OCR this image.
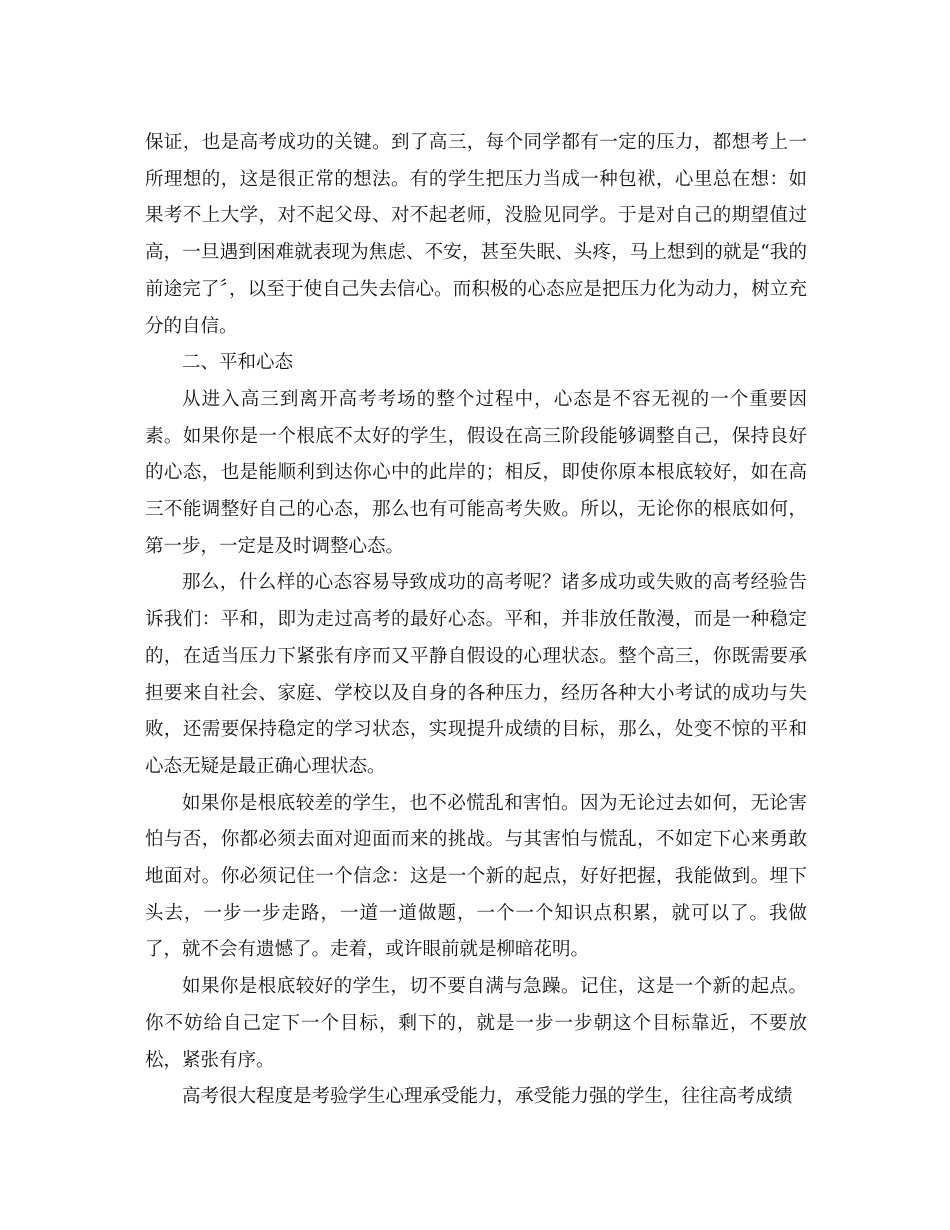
保证，也是高考成功的关键。到了高三，每个同学都有一定的压力，都想考上一所理想的，这是很正常的想法。有的学生把压力当成一种包袱，心里总在想：如果考不上大学，对不起父母、对不起老师，没脸见同学。于是对自己的期望值过高，一旦遇到困难就表现为焦虑、不安，甚至失眠、头疼，马上想到的就是“我的前途完了〞，以至于使自己失去信心。而积极的心态应是把压力化为动力，树立充分的自信。

二、平和心态

从进入高三到离开高考考场的整个过程中，心态是不容无视的一个重要因素。如果你是一个根底不太好的学生，假设在高三阶段能够调整自己，保持良好的心态，也是能顺利到达你心中的此岸的；相反，即使你原本根底较好，如在高三不能调整好自己的心态，那么也有可能高考失败。所以，无论你的根底如何，第一步，一定是及时调整心态。

那么，什么样的心态容易导致成功的高考呢？诸多成功或失败的高考经验告诉我们：平和，即为走过高考的最好心态。平和，并非放任散漫，而是一种稳定的，在适当压力下紧张有序而又平静自假设的心理状态。整个高三，你既需要承担要来自社会、家庭、学校以及自身的各种压力，经历各种大小考试的成功与失败，还需要保持稳定的学习状态，实现提升成绩的目标，那么，处变不惊的平和心态无疑是最正确心理状态。

如果你是根底较差的学生，也不必慌乱和害怕。因为无论过去如何，无论害怕与否，你都必须去面对迎面而来的挑战。与其害怕与慌乱，不如定下心来勇敢地面对。你必须记住一个信念：这是一个新的起点，好好把握，我能做到。埋下头去，一步一步走路，一道一道做题，一个一个知识点积累，就可以了。我做了，就不会有遗憾了。走着，或许眼前就是柳暗花明。

如果你是根底较好的学生，切不要自满与急躁。记住，这是一个新的起点。你不妨给自己定下一个目标，剩下的，就是一步一步朝这个目标靠近，不要放松，紧张有序。

高考很大程度是考验学生心理承受能力，承受能力强的学生，往往高考成绩
